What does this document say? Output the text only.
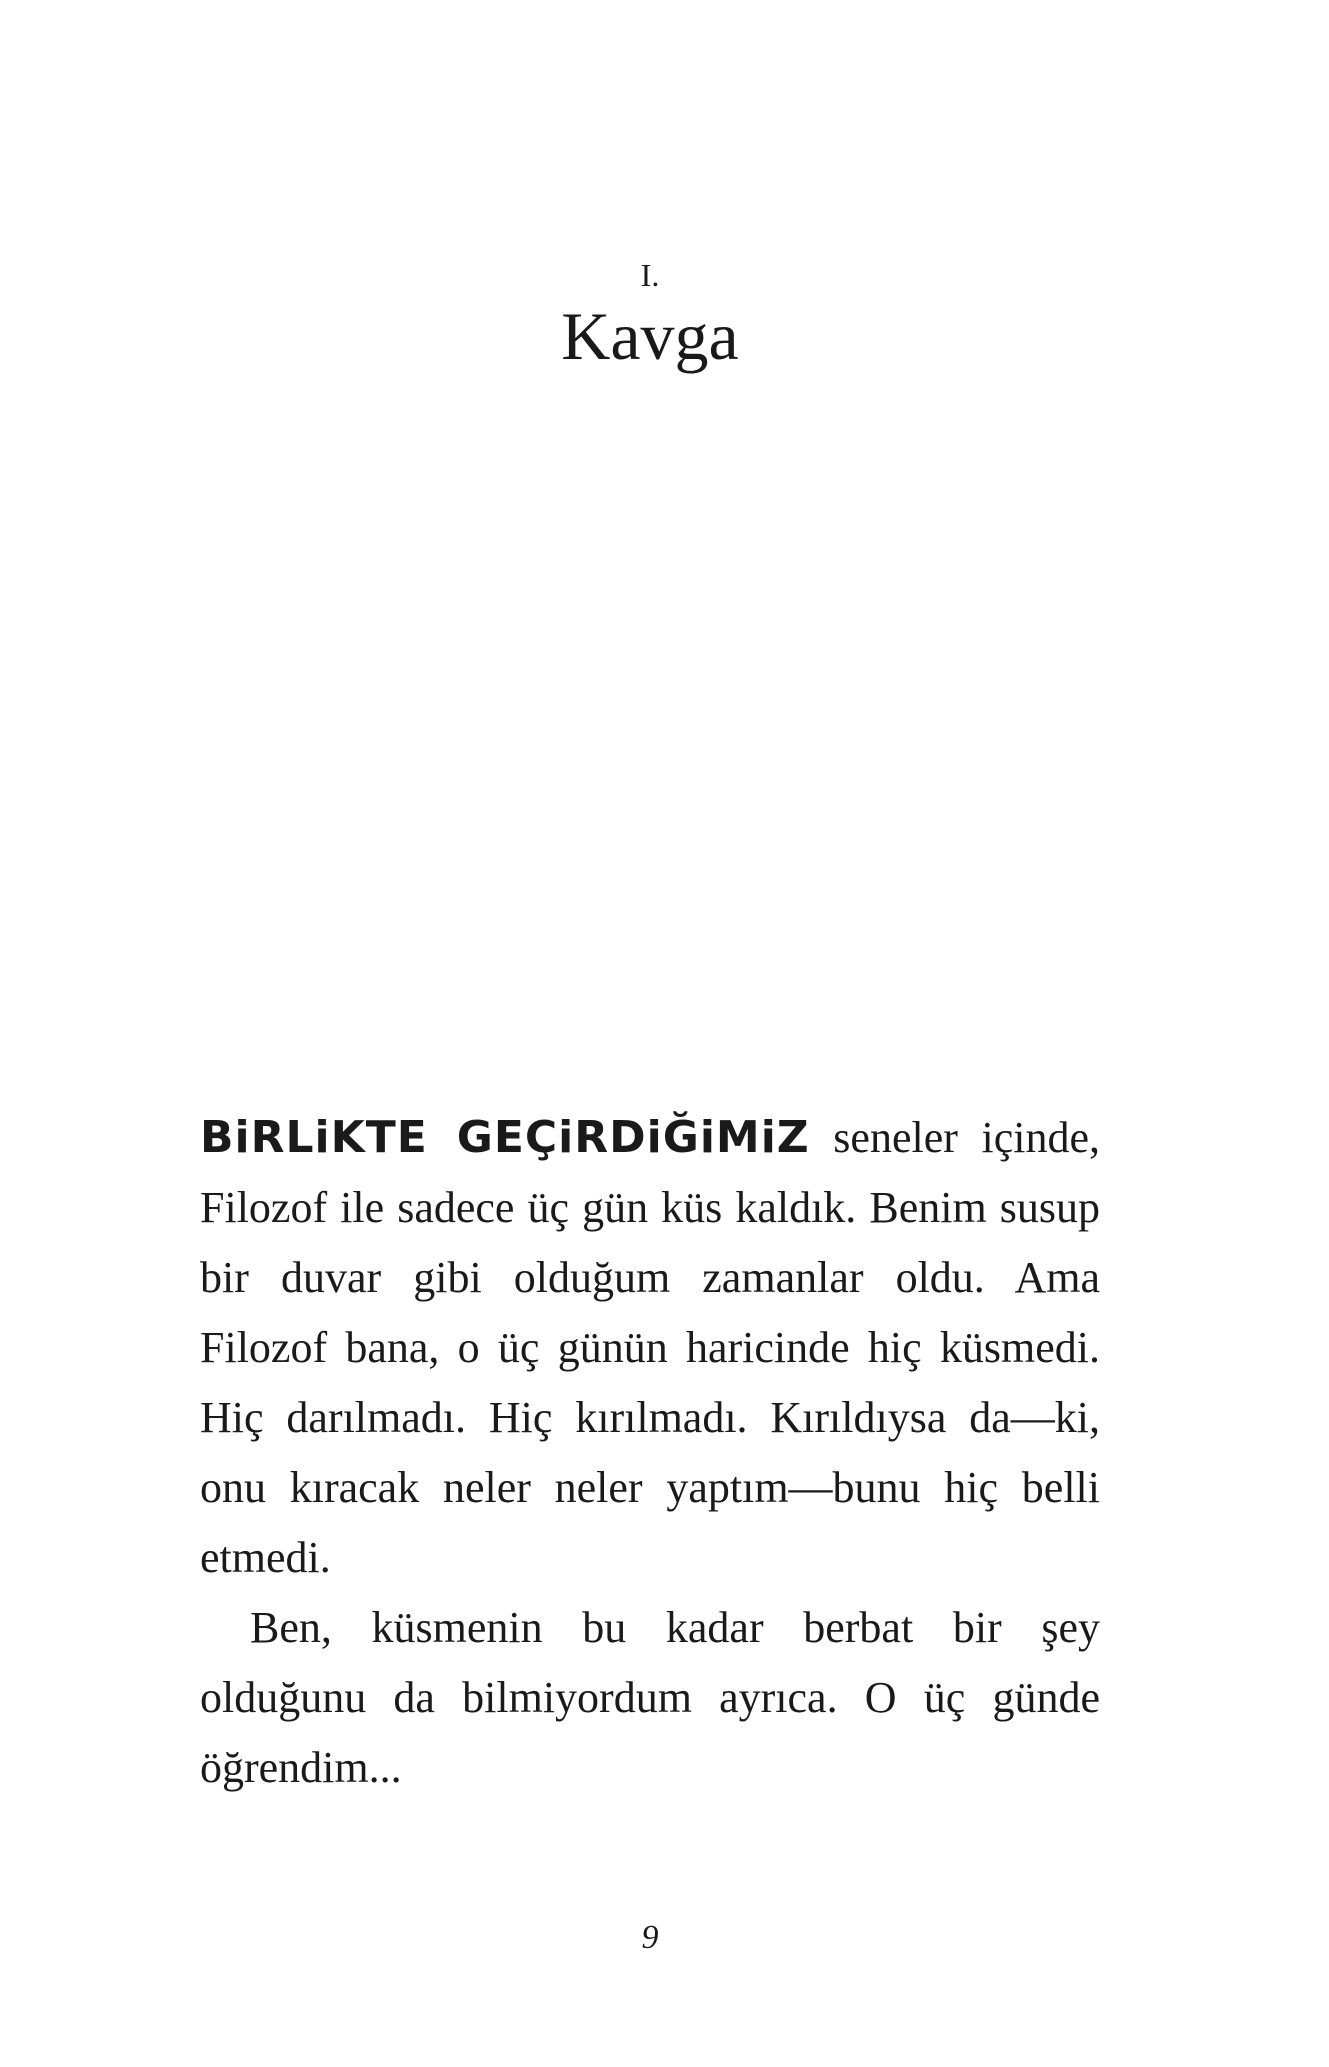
I.
Kavga

BiRLiKTE GEÇiRDiĞiMiZ seneler içinde, Filozof ile sadece üç gün küs kaldık. Benim susup bir duvar gibi olduğum zamanlar oldu. Ama Filozof bana, o üç günün haricinde hiç küsmedi. Hiç darılmadı. Hiç kırılmadı. Kırıldıysa da—ki, onu kıracak neler neler yaptım—bunu hiç belli etmedi.

Ben, küsmenin bu kadar berbat bir şey olduğunu da bilmiyordum ayrıca. O üç günde öğrendim...

9
